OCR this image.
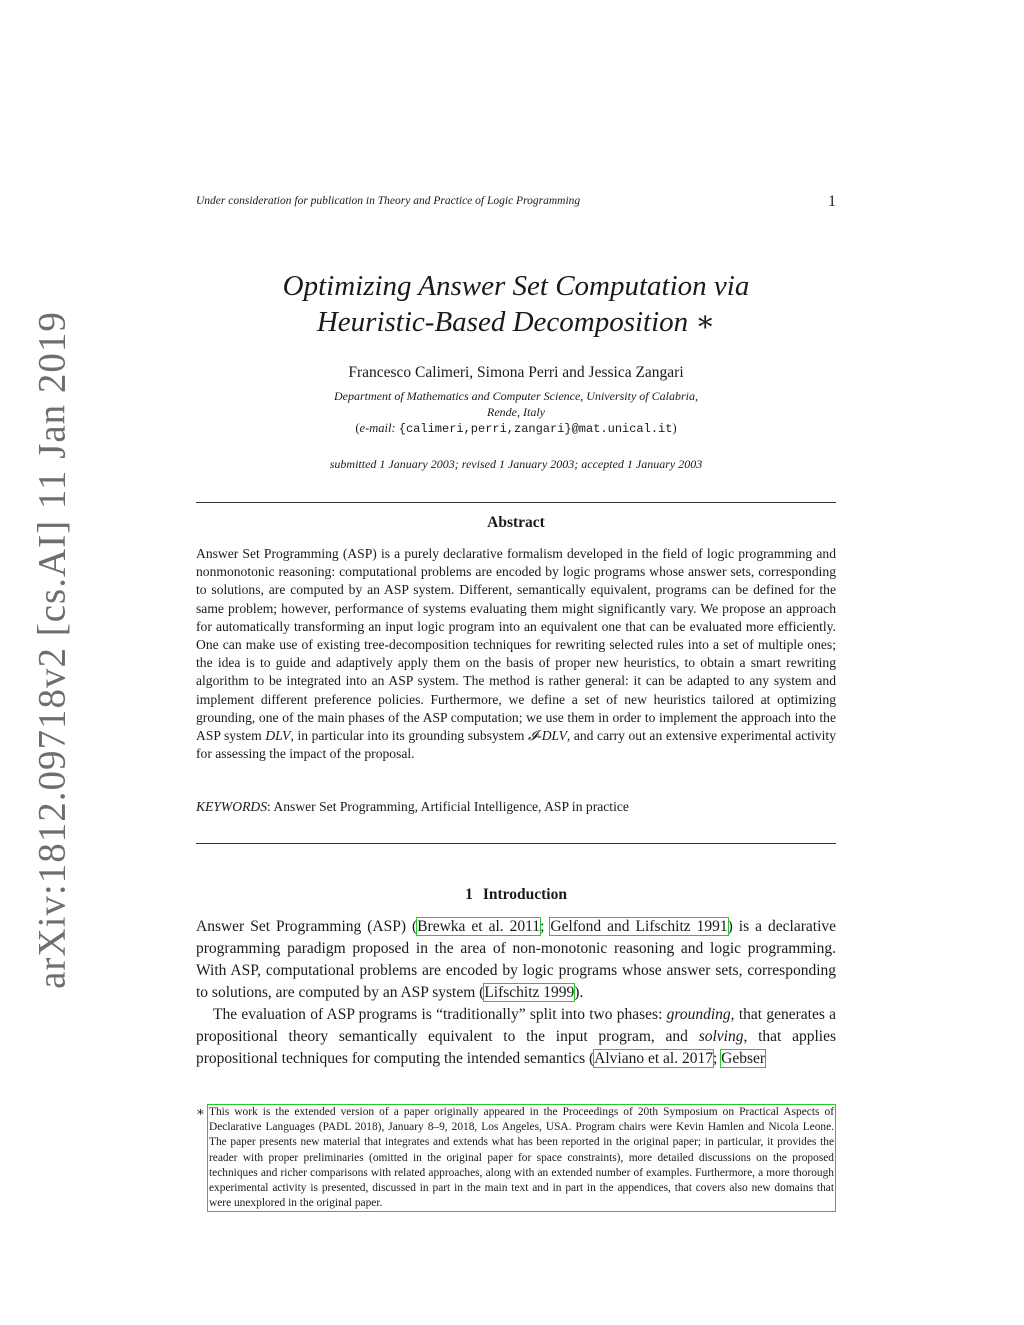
arXiv:1812.09718v2 [cs.AI] 11 Jan 2019
Under consideration for publication in Theory and Practice of Logic Programming	1
Optimizing Answer Set Computation via
Heuristic-Based Decomposition ∗
Francesco Calimeri, Simona Perri and Jessica Zangari
Department of Mathematics and Computer Science, University of Calabria,
Rende, Italy
(e-mail: {calimeri,perri,zangari}@mat.unical.it)
submitted 1 January 2003; revised 1 January 2003; accepted 1 January 2003
Abstract
Answer Set Programming (ASP) is a purely declarative formalism developed in the field of logic programming and nonmonotonic reasoning: computational problems are encoded by logic programs whose answer sets, corresponding to solutions, are computed by an ASP system. Different, semantically equivalent, programs can be defined for the same problem; however, performance of systems evaluating them might significantly vary. We propose an approach for automatically transforming an input logic program into an equivalent one that can be evaluated more efficiently. One can make use of existing tree-decomposition techniques for rewriting selected rules into a set of multiple ones; the idea is to guide and adaptively apply them on the basis of proper new heuristics, to obtain a smart rewriting algorithm to be integrated into an ASP system. The method is rather general: it can be adapted to any system and implement different preference policies. Furthermore, we define a set of new heuristics tailored at optimizing grounding, one of the main phases of the ASP computation; we use them in order to implement the approach into the ASP system DLV, in particular into its grounding subsystem 𝓘-DLV, and carry out an extensive experimental activity for assessing the impact of the proposal.
KEYWORDS: Answer Set Programming, Artificial Intelligence, ASP in practice
1 Introduction

Answer Set Programming (ASP) (Brewka et al. 2011; Gelfond and Lifschitz 1991) is a declarative programming paradigm proposed in the area of non-monotonic reasoning and logic programming. With ASP, computational problems are encoded by logic programs whose answer sets, corresponding to solutions, are computed by an ASP system (Lifschitz 1999).

The evaluation of ASP programs is “traditionally” split into two phases: grounding, that generates a propositional theory semantically equivalent to the input program, and solving, that applies propositional techniques for computing the intended semantics (Alviano et al. 2017; Gebser

∗ This work is the extended version of a paper originally appeared in the Proceedings of 20th Symposium on Practical Aspects of Declarative Languages (PADL 2018), January 8–9, 2018, Los Angeles, USA. Program chairs were Kevin Hamlen and Nicola Leone. The paper presents new material that integrates and extends what has been reported in the original paper; in particular, it provides the reader with proper preliminaries (omitted in the original paper for space constraints), more detailed discussions on the proposed techniques and richer comparisons with related approaches, along with an extended number of examples. Furthermore, a more thorough experimental activity is presented, discussed in part in the main text and in part in the appendices, that covers also new domains that were unexplored in the original paper.
